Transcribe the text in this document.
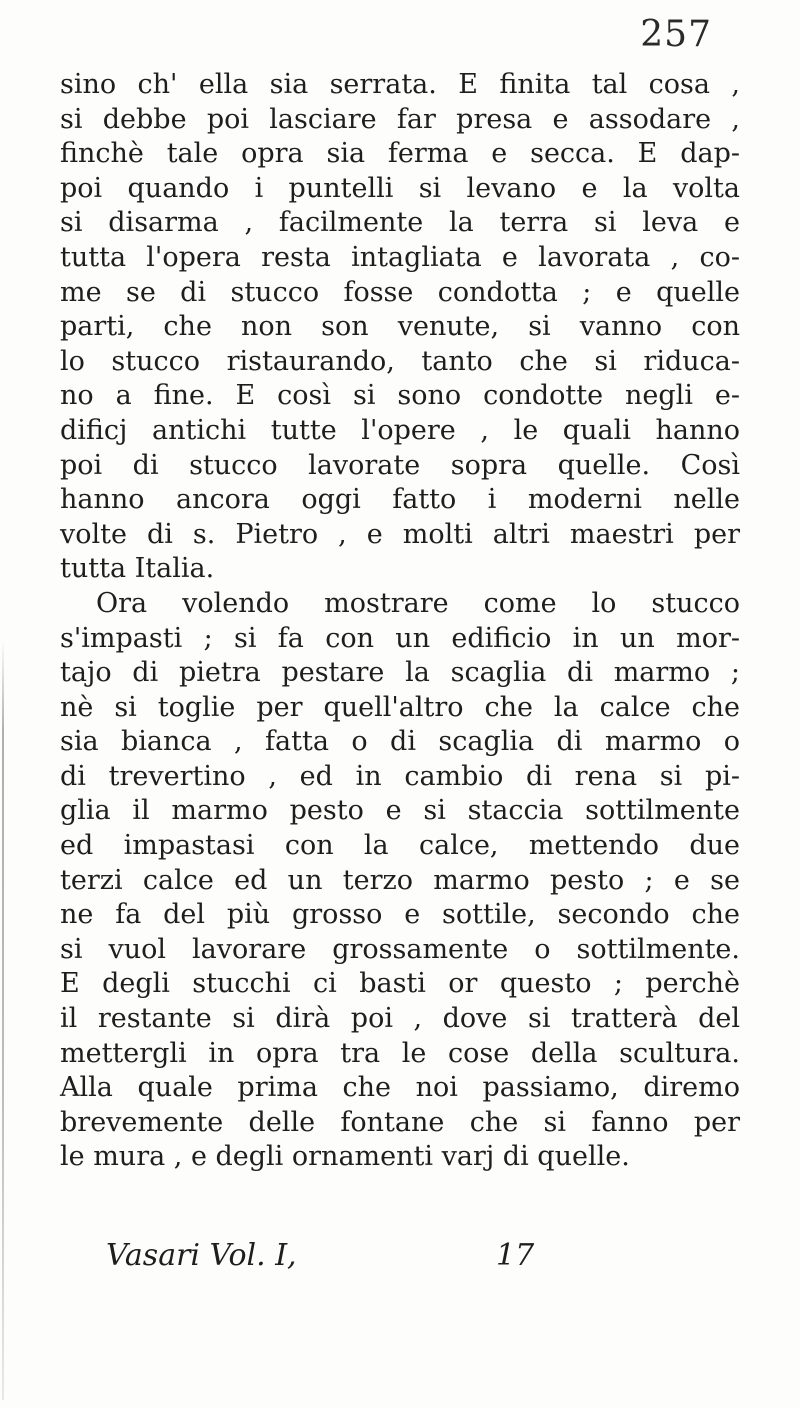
257
sino ch' ella sia serrata. E finita tal cosa ,
si debbe poi lasciare far presa e assodare ,
finchè tale opra sia ferma e secca. E dap-
poi quando i puntelli si levano e la volta
si disarma , facilmente la terra si leva e
tutta l'opera resta intagliata e lavorata , co-
me se di stucco fosse condotta ; e quelle
parti, che non son venute, si vanno con
lo stucco ristaurando, tanto che si riduca-
no a fine. E così si sono condotte negli e-
dificj antichi tutte l'opere , le quali hanno
poi di stucco lavorate sopra quelle. Così
hanno ancora oggi fatto i moderni nelle
volte di s. Pietro , e molti altri maestri per
tutta Italia.
Ora volendo mostrare come lo stucco
s'impasti ; si fa con un edificio in un mor-
tajo di pietra pestare la scaglia di marmo ;
nè si toglie per quell'altro che la calce che
sia bianca , fatta o di scaglia di marmo o
di trevertino , ed in cambio di rena si pi-
glia il marmo pesto e si staccia sottilmente
ed impastasi con la calce, mettendo due
terzi calce ed un terzo marmo pesto ; e se
ne fa del più grosso e sottile, secondo che
si vuol lavorare grossamente o sottilmente.
E degli stucchi ci basti or questo ; perchè
il restante si dirà poi , dove si tratterà del
mettergli in opra tra le cose della scultura.
Alla quale prima che noi passiamo, diremo
brevemente delle fontane che si fanno per
le mura , e degli ornamenti varj di quelle.
Vasari Vol. I,	17
